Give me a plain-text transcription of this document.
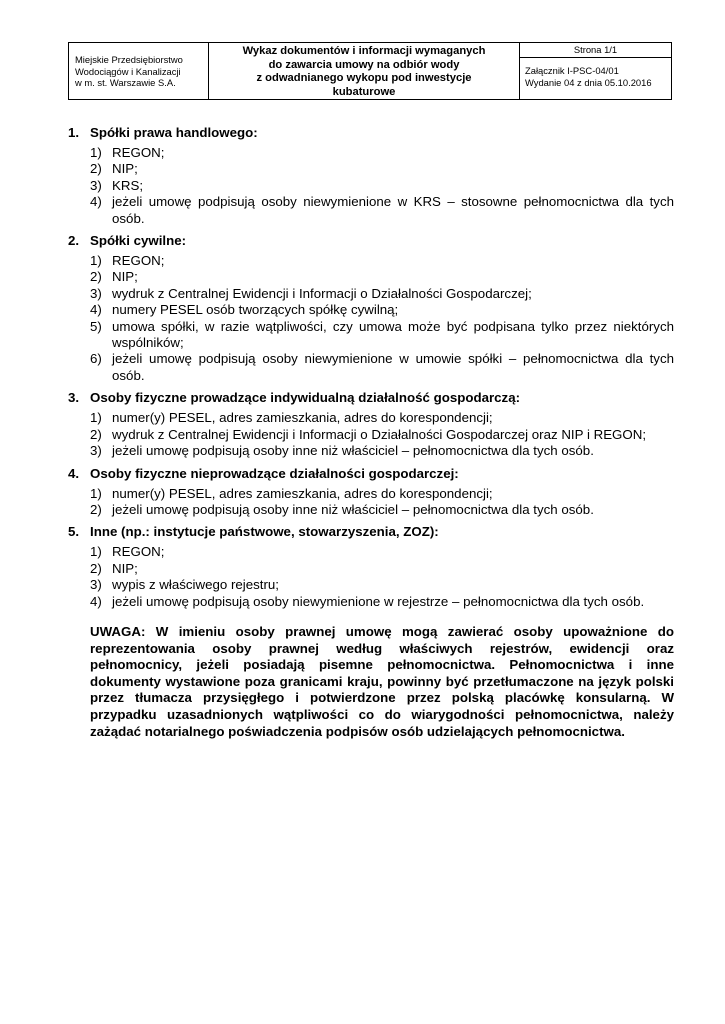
Miejskie Przedsiębiorstwo
Wodociągów i Kanalizacji
w m. st. Warszawie S.A.
Wykaz dokumentów i informacji wymaganych
do zawarcia umowy na odbiór wody
z odwadnianego wykopu pod inwestycje
kubaturowe
Strona 1/1
Załącznik I-PSC-04/01
Wydanie 04 z dnia 05.10.2016
1. Spółki prawa handlowego:
1) REGON;
2) NIP;
3) KRS;
4) jeżeli umowę podpisują osoby niewymienione w KRS – stosowne pełnomocnictwa dla tych osób.
2. Spółki cywilne:
1) REGON;
2) NIP;
3) wydruk z Centralnej Ewidencji i Informacji o Działalności Gospodarczej;
4) numery PESEL osób tworzących spółkę cywilną;
5) umowa spółki, w razie wątpliwości, czy umowa może być podpisana tylko przez niektórych wspólników;
6) jeżeli umowę podpisują osoby niewymienione w umowie spółki – pełnomocnictwa dla tych osób.
3. Osoby fizyczne prowadzące indywidualną działalność gospodarczą:
1) numer(y) PESEL, adres zamieszkania, adres do korespondencji;
2) wydruk z Centralnej Ewidencji i Informacji o Działalności Gospodarczej oraz NIP i REGON;
3) jeżeli umowę podpisują osoby inne niż właściciel – pełnomocnictwa dla tych osób.
4. Osoby fizyczne nieprowadzące działalności gospodarczej:
1) numer(y) PESEL, adres zamieszkania, adres do korespondencji;
2) jeżeli umowę podpisują osoby inne niż właściciel – pełnomocnictwa dla tych osób.
5. Inne (np.: instytucje państwowe, stowarzyszenia, ZOZ):
1) REGON;
2) NIP;
3) wypis z właściwego rejestru;
4) jeżeli umowę podpisują osoby niewymienione w rejestrze – pełnomocnictwa dla tych osób.
UWAGA: W imieniu osoby prawnej umowę mogą zawierać osoby upoważnione do reprezentowania osoby prawnej według właściwych rejestrów, ewidencji oraz pełnomocnicy, jeżeli posiadają pisemne pełnomocnictwa. Pełnomocnictwa i inne dokumenty wystawione poza granicami kraju, powinny być przetłumaczone na język polski przez tłumacza przysięgłego i potwierdzone przez polską placówkę konsularną. W przypadku uzasadnionych wątpliwości co do wiarygodności pełnomocnictwa, należy zażądać notarialnego poświadczenia podpisów osób udzielających pełnomocnictwa.
